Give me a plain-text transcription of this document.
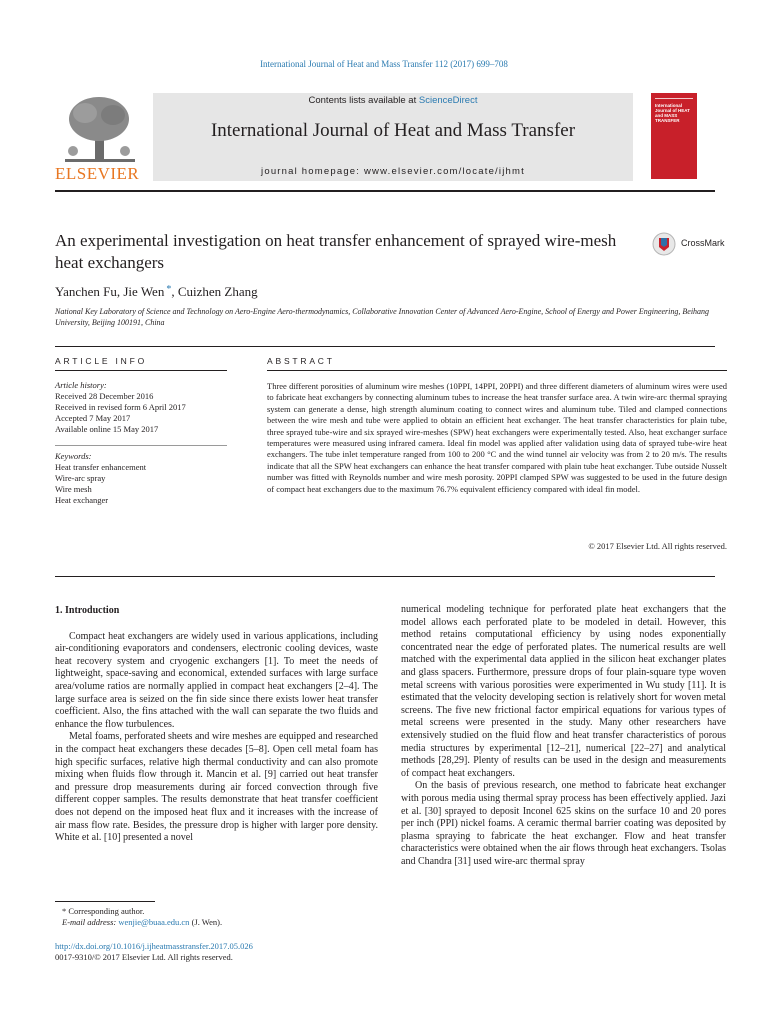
International Journal of Heat and Mass Transfer 112 (2017) 699–708
ELSEVIER
Contents lists available at ScienceDirect
International Journal of Heat and Mass Transfer
journal homepage: www.elsevier.com/locate/ijhmt
International Journal of HEAT and MASS TRANSFER
An experimental investigation on heat transfer enhancement of sprayed wire-mesh heat exchangers
CrossMark
Yanchen Fu, Jie Wen *, Cuizhen Zhang
National Key Laboratory of Science and Technology on Aero-Engine Aero-thermodynamics, Collaborative Innovation Center of Advanced Aero-Engine, School of Energy and Power Engineering, Beihang University, Beijing 100191, China
ARTICLE INFO
Article history:
Received 28 December 2016
Received in revised form 6 April 2017
Accepted 7 May 2017
Available online 15 May 2017
Keywords:
Heat transfer enhancement
Wire-arc spray
Wire mesh
Heat exchanger
ABSTRACT
Three different porosities of aluminum wire meshes (10PPI, 14PPI, 20PPI) and three different diameters of aluminum wires were used to fabricate heat exchangers by connecting aluminum tubes to increase the heat transfer surface area. A twin wire-arc thermal spraying system can generate a dense, high strength aluminum coating to connect wires and aluminum tube. Tiled and clamped connections between the wire mesh and tube were applied to obtain an efficient heat exchanger. The heat transfer characteristics for plain tube, three sprayed tube-wire and six sprayed wire-meshes (SPW) heat exchangers were experimentally tested. Also, heat exchanger surface temperatures were measured using infrared camera. Ideal fin model was applied after validation using data of sprayed tube-wire heat exchangers. The tube inlet temperature ranged from 100 to 200 °C and the wind tunnel air velocity was from 2 to 20 m/s. The results indicate that all the SPW heat exchangers can enhance the heat transfer compared with plain tube heat exchanger. Tube outside Nusselt number was fitted with Reynolds number and wire mesh porosity. 20PPI clamped SPW was suggested to be used in the future design of compact heat exchangers due to the maximum 76.7% equivalent efficiency compared with ideal fin model.
© 2017 Elsevier Ltd. All rights reserved.
1. Introduction

Compact heat exchangers are widely used in various applications, including air-conditioning evaporators and condensers, electronic cooling devices, waste heat recovery system and cryogenic exchangers [1]. To meet the needs of lightweight, space-saving and economical, extended surfaces with large surface area/volume ratios are normally applied in compact heat exchangers [2–4]. The large surface area is seized on the fin side since there exists lower heat transfer coefficient. Also, the fins attached with the wall can separate the two fluids and enhance the flow turbulences.

Metal foams, perforated sheets and wire meshes are equipped and researched in the compact heat exchangers these decades [5–8]. Open cell metal foam has high specific surfaces, relative high thermal conductivity and can also promote mixing when fluids flow through it. Mancin et al. [9] carried out heat transfer and pressure drop measurements during air forced convection through five different copper samples. The results demonstrate that heat transfer coefficient does not depend on the imposed heat flux and it increases with the increase of air mass flow rate. Besides, the pressure drop is higher with larger pore density. White et al. [10] presented a novel

numerical modeling technique for perforated plate heat exchangers that the model allows each perforated plate to be modeled in detail. However, this method retains computational efficiency by using nodes exponentially concentrated near the edge of perforated plates. The numerical results are well matched with the experimental data applied in the silicon heat exchanger plates and glass spacers. Furthermore, pressure drops of four plain-square type woven metal screens with various porosities were experimented in Wu study [11]. It is estimated that the velocity developing section is relatively short for woven metal screens. The five new frictional factor empirical equations for various types of metal screens were presented in the study. Many other researchers have extensively studied on the fluid flow and heat transfer characteristics of porous media structures by experimental [12–21], numerical [22–27] and analytical methods [28,29]. Plenty of results can be used in the design and measurements of compact heat exchangers.

On the basis of previous research, one method to fabricate heat exchanger with porous media using thermal spray process has been effectively applied. Jazi et al. [30] sprayed to deposit Inconel 625 skins on the surface 10 and 20 pores per inch (PPI) nickel foams. A ceramic thermal barrier coating was deposited by plasma spraying to fabricate the heat exchanger. Flow and heat transfer characteristics were obtained when the air flows through heat exchangers. Tsolas and Chandra [31] used wire-arc thermal spray

* Corresponding author.
E-mail address: wenjie@buaa.edu.cn (J. Wen).
http://dx.doi.org/10.1016/j.ijheatmasstransfer.2017.05.026
0017-9310/© 2017 Elsevier Ltd. All rights reserved.
